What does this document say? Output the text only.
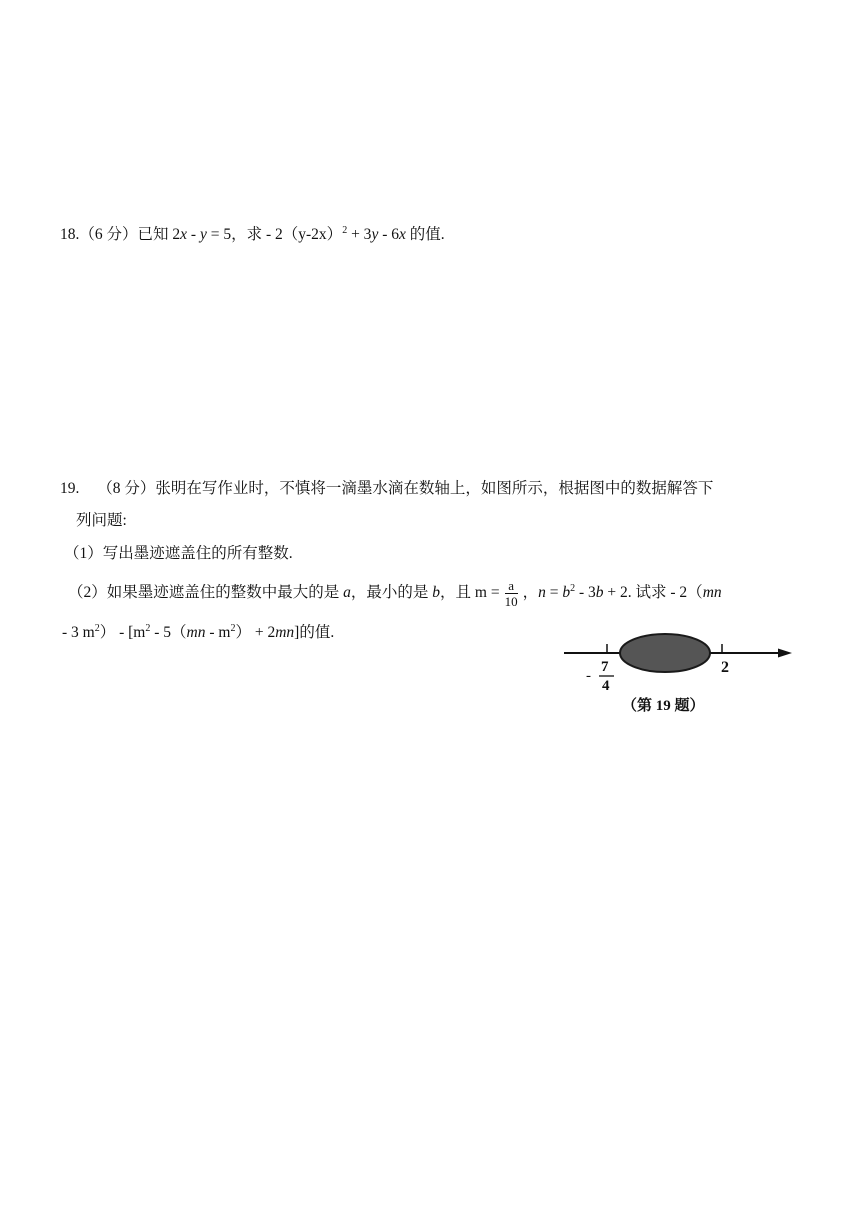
18.（6 分）已知 2x - y = 5，求 - $2(y-2x)^2 + 3y - 6x$ 的值.
19. （8 分）张明在写作业时，不慎将一滴墨水滴在数轴上，如图所示，根据图中的数据解答下
列问题:
（1）写出墨迹遮盖住的所有整数.
（2）如果墨迹遮盖住的整数中最大的是 a，最小的是 b，且 $m = \frac{a}{10}$ ，$n = b^2 - 3b + 2$. 试求 - 2（mn
- 3 $m^2) - [m^2 - 5(mn - m^2) + 2mn]$的值.
-
7
4
2
（第 19 题）
